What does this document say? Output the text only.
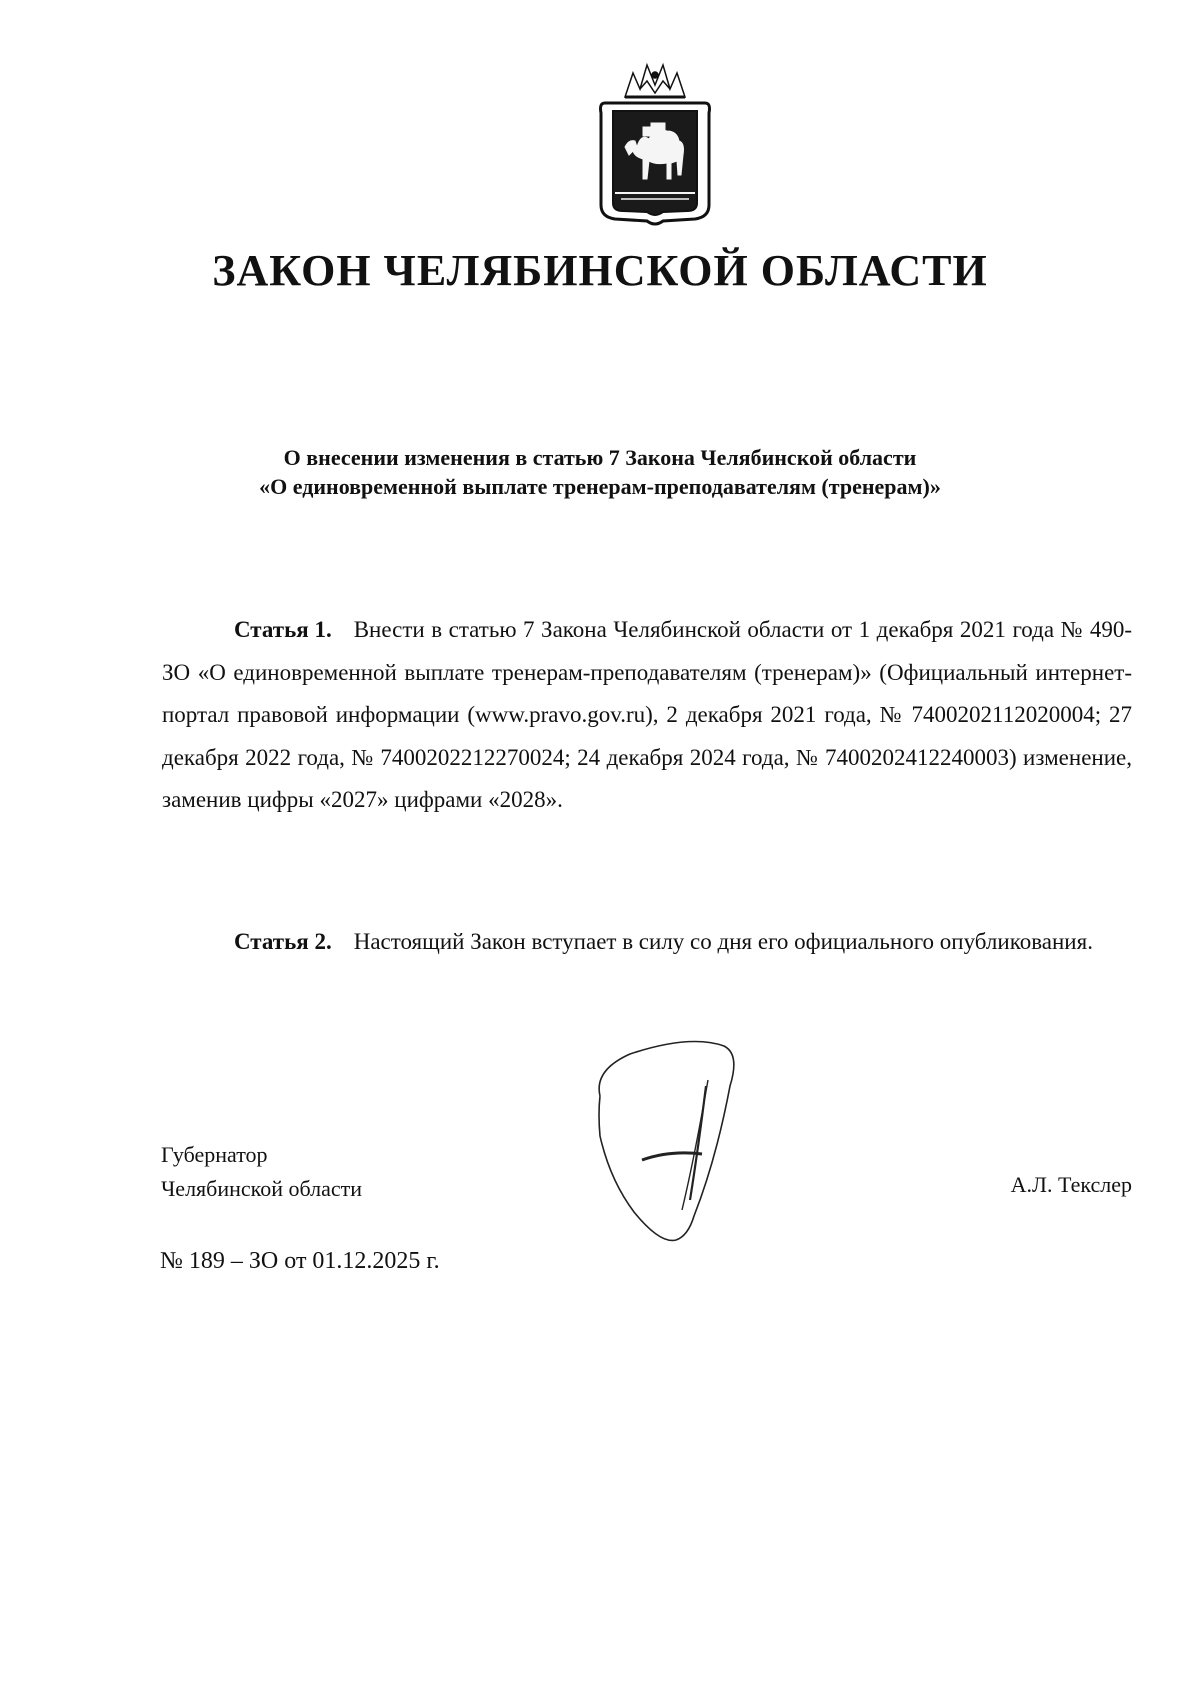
ЗАКОН ЧЕЛЯБИНСКОЙ ОБЛАСТИ
О внесении изменения в статью 7 Закона Челябинской области
«О единовременной выплате тренерам-преподавателям (тренерам)»
Статья 1. Внести в статью 7 Закона Челябинской области от 1 декабря 2021 года № 490-ЗО «О единовременной выплате тренерам-преподавателям (тренерам)» (Официальный интернет-портал правовой информации (www.pravo.gov.ru), 2 декабря 2021 года, № 7400202112020004; 27 декабря 2022 года, № 7400202212270024; 24 декабря 2024 года, № 7400202412240003) изменение, заменив цифры «2027» цифрами «2028».
Статья 2. Настоящий Закон вступает в силу со дня его официального опубликования.
Губернатор
Челябинской области	А.Л. Текслер
№ 189 – ЗО от 01.12.2025 г.
